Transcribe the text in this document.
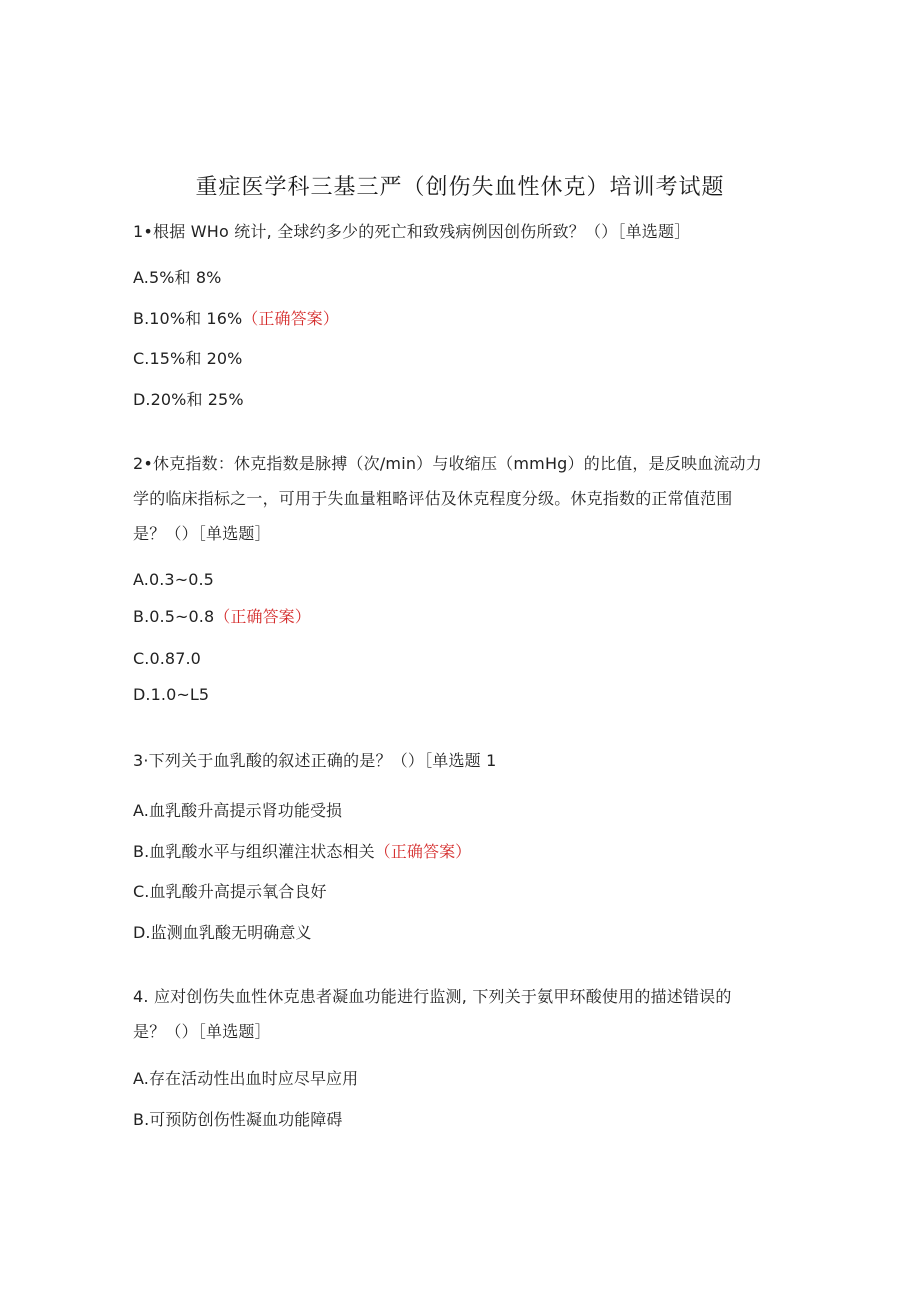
重症医学科三基三严（创伤失血性休克）培训考试题
1•根据 WHo 统计, 全球约多少的死亡和致残病例因创伤所致？（）［单选题］
A.5%和 8%
B.10%和 16%（正确答案）
C.15%和 20%
D.20%和 25%
2•休克指数：休克指数是脉搏（次/min）与收缩压（mmHg）的比值，是反映血流动力
学的临床指标之一，可用于失血量粗略评估及休克程度分级。休克指数的正常值范围
是？（）［单选题］
A.0.3~0.5
B.0.5~0.8（正确答案）
C.0.87.0
D.1.0~L5
3·下列关于血乳酸的叙述正确的是？（）［单选题 1
A.血乳酸升高提示肾功能受损
B.血乳酸水平与组织灌注状态相关（正确答案）
C.血乳酸升高提示氧合良好
D.监测血乳酸无明确意义
4. 应对创伤失血性休克患者凝血功能进行监测, 下列关于氨甲环酸使用的描述错误的
是？（）［单选题］
A.存在活动性出血时应尽早应用
B.可预防创伤性凝血功能障碍
